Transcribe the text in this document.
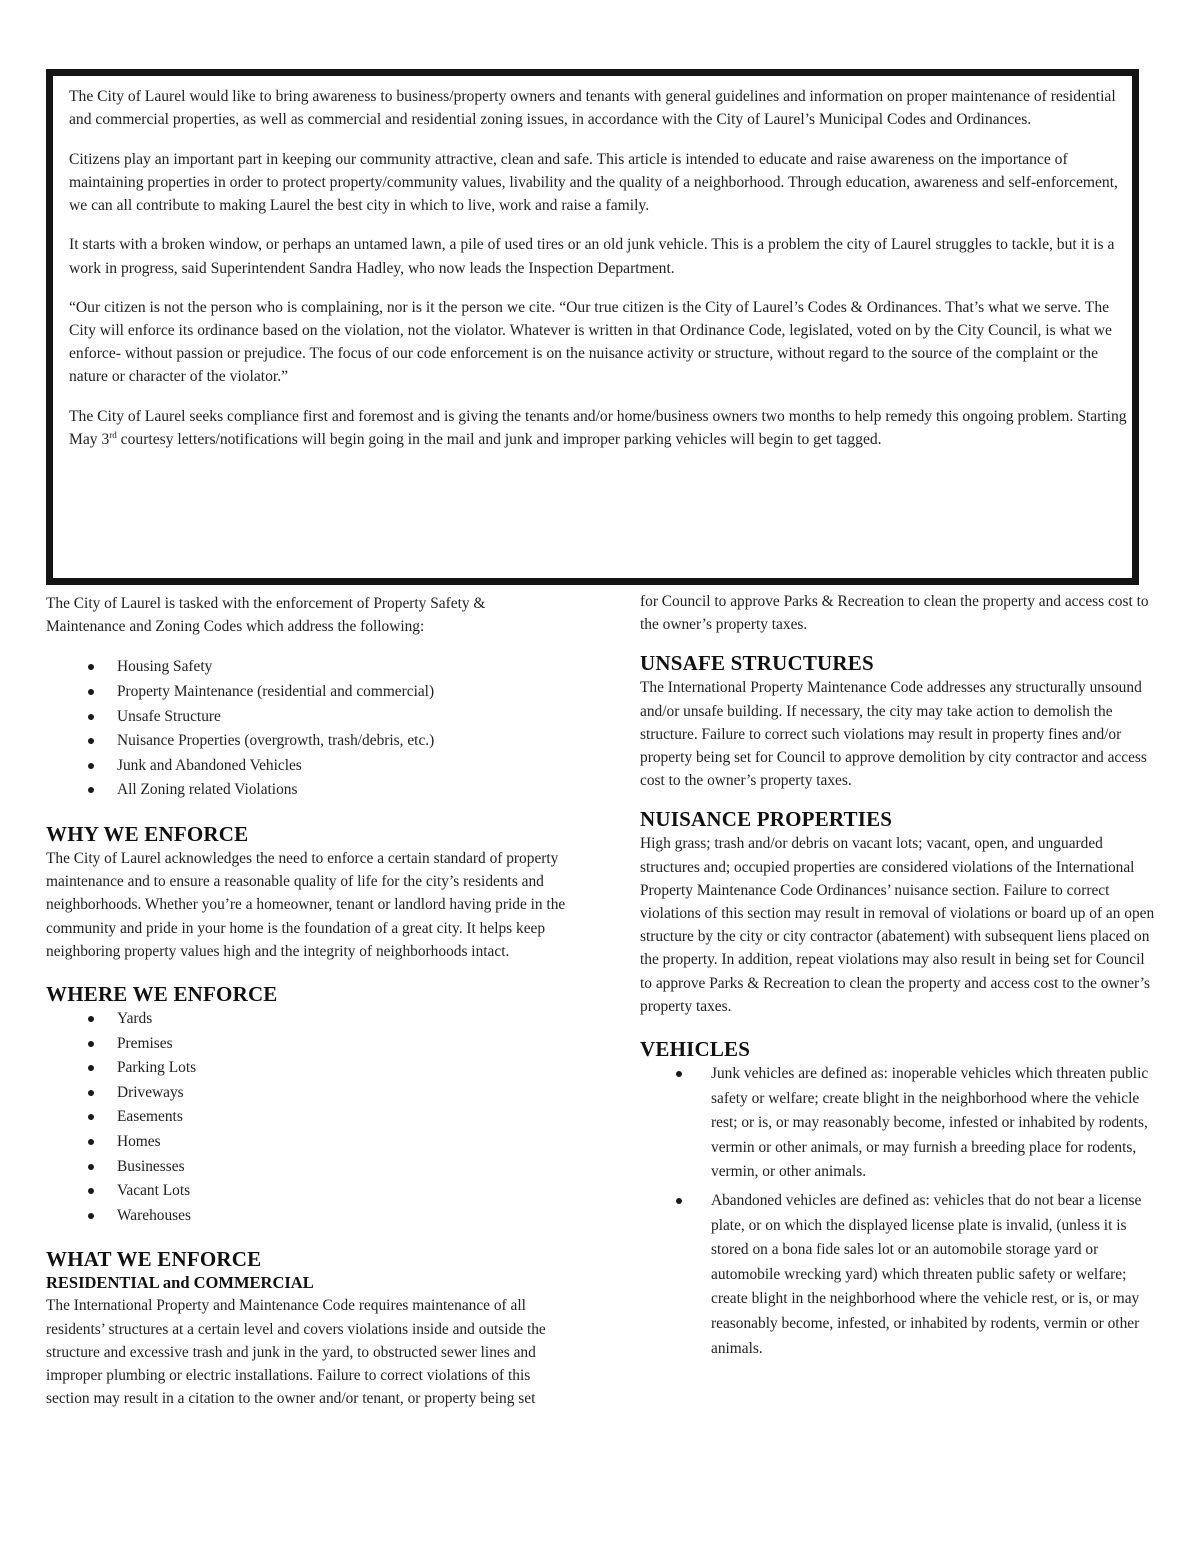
The City of Laurel would like to bring awareness to business/property owners and tenants with general guidelines and information on proper maintenance of residential and commercial properties, as well as commercial and residential zoning issues, in accordance with the City of Laurel’s Municipal Codes and Ordinances.

Citizens play an important part in keeping our community attractive, clean and safe. This article is intended to educate and raise awareness on the importance of maintaining properties in order to protect property/community values, livability and the quality of a neighborhood. Through education, awareness and self-enforcement, we can all contribute to making Laurel the best city in which to live, work and raise a family.

It starts with a broken window, or perhaps an untamed lawn, a pile of used tires or an old junk vehicle. This is a problem the city of Laurel struggles to tackle, but it is a work in progress, said Superintendent Sandra Hadley, who now leads the Inspection Department.

“Our citizen is not the person who is complaining, nor is it the person we cite. “Our true citizen is the City of Laurel’s Codes & Ordinances. That’s what we serve. The City will enforce its ordinance based on the violation, not the violator. Whatever is written in that Ordinance Code, legislated, voted on by the City Council, is what we enforce- without passion or prejudice. The focus of our code enforcement is on the nuisance activity or structure, without regard to the source of the complaint or the nature or character of the violator.”

The City of Laurel seeks compliance first and foremost and is giving the tenants and/or home/business owners two months to help remedy this ongoing problem. Starting May 3rd courtesy letters/notifications will begin going in the mail and junk and improper parking vehicles will begin to get tagged.

The City of Laurel is tasked with the enforcement of Property Safety & Maintenance and Zoning Codes which address the following:

Housing Safety
Property Maintenance (residential and commercial)
Unsafe Structure
Nuisance Properties (overgrowth, trash/debris, etc.)
Junk and Abandoned Vehicles
All Zoning related Violations
WHY WE ENFORCE

The City of Laurel acknowledges the need to enforce a certain standard of property maintenance and to ensure a reasonable quality of life for the city’s residents and neighborhoods. Whether you’re a homeowner, tenant or landlord having pride in the community and pride in your home is the foundation of a great city. It helps keep neighboring property values high and the integrity of neighborhoods intact.

WHERE WE ENFORCE
Yards
Premises
Parking Lots
Driveways
Easements
Homes
Businesses
Vacant Lots
Warehouses
WHAT WE ENFORCE
RESIDENTIAL and COMMERCIAL

The International Property and Maintenance Code requires maintenance of all residents’ structures at a certain level and covers violations inside and outside the structure and excessive trash and junk in the yard, to obstructed sewer lines and improper plumbing or electric installations. Failure to correct violations of this section may result in a citation to the owner and/or tenant, or property being set

for Council to approve Parks & Recreation to clean the property and access cost to the owner’s property taxes.

UNSAFE STRUCTURES

The International Property Maintenance Code addresses any structurally unsound and/or unsafe building. If necessary, the city may take action to demolish the structure. Failure to correct such violations may result in property fines and/or property being set for Council to approve demolition by city contractor and access cost to the owner’s property taxes.

NUISANCE PROPERTIES

High grass; trash and/or debris on vacant lots; vacant, open, and unguarded structures and; occupied properties are considered violations of the International Property Maintenance Code Ordinances’ nuisance section. Failure to correct violations of this section may result in removal of violations or board up of an open structure by the city or city contractor (abatement) with subsequent liens placed on the property. In addition, repeat violations may also result in being set for Council to approve Parks & Recreation to clean the property and access cost to the owner’s property taxes.

VEHICLES
Junk vehicles are defined as: inoperable vehicles which threaten public safety or welfare; create blight in the neighborhood where the vehicle rest; or is, or may reasonably become, infested or inhabited by rodents, vermin or other animals, or may furnish a breeding place for rodents, vermin, or other animals.
Abandoned vehicles are defined as: vehicles that do not bear a license plate, or on which the displayed license plate is invalid, (unless it is stored on a bona fide sales lot or an automobile storage yard or automobile wrecking yard) which threaten public safety or welfare; create blight in the neighborhood where the vehicle rest, or is, or may reasonably become, infested, or inhabited by rodents, vermin or other animals.
